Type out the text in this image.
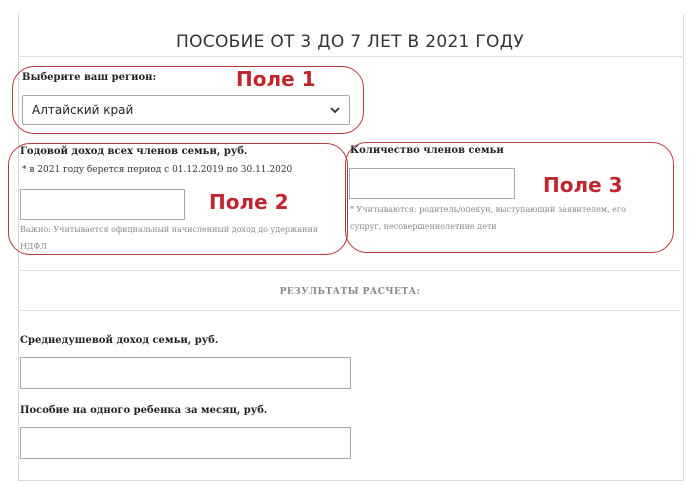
ПОСОБИЕ ОТ 3 ДО 7 ЛЕТ В 2021 ГОДУ
Выберите ваш регион:	Поле 1
Алтайский край
Годовой доход всех членов семьи, руб.
* в 2021 году берется период с 01.12.2019 по 30.11.2020
Поле 2
Важно: Учитывается официальный начисленный доход до удержания
НДФЛ
Количество членов семьи
Поле 3
* Учитываются: родитель/опекун, выступающий заявителем, его
супруг, несовершеннолетние дети
РЕЗУЛЬТАТЫ РАСЧЕТА:
Среднедушевой доход семьи, руб.
Пособие на одного ребенка за месяц, руб.
